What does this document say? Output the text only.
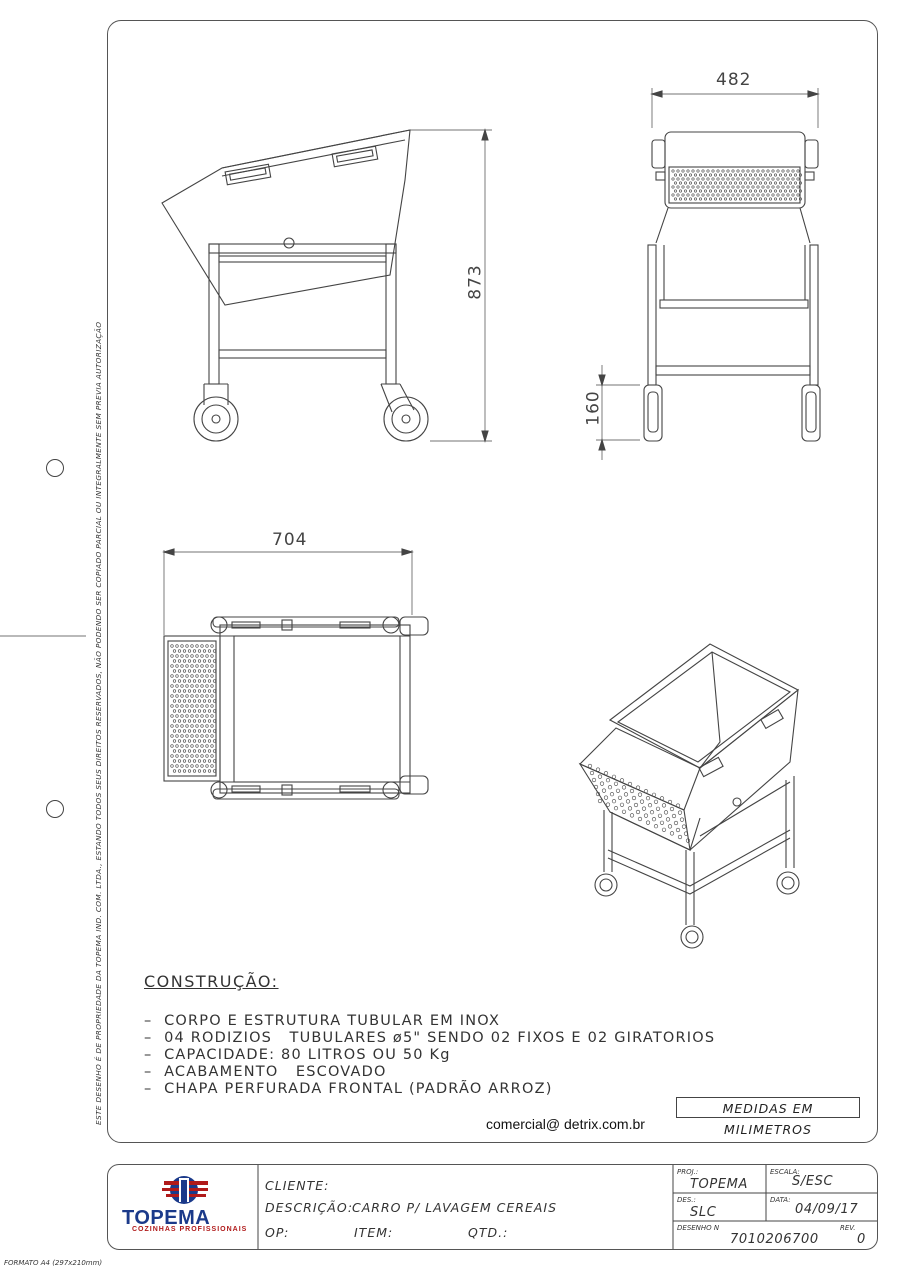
ESTE DESENHO É DE PROPRIEDADE DA TOPEMA IND. COM. LTDA., ESTANDO TODOS SEUS DIREITOS RESERVADOS, NÃO PODENDO SER COPIADO PARCIAL OU INTEGRALMENTE SEM PREVIA AUTORIZAÇÃO
482
873
160
704
CONSTRUÇÃO:
–  CORPO E ESTRUTURA TUBULAR EM INOX
–  04 RODIZIOS   TUBULARES ø5" SENDO 02 FIXOS E 02 GIRATORIOS
–  CAPACIDADE: 80 LITROS OU 50 Kg
–  ACABAMENTO   ESCOVADO
–  CHAPA PERFURADA FRONTAL (PADRÃO ARROZ)
MEDIDAS EM MILIMETROS
comercial@ detrix.com.br
TOPEMA
COZINHAS PROFISSIONAIS
CLIENTE:
DESCRIÇÃO:
CARRO P/ LAVAGEM CEREAIS
OP:	ITEM:	QTD.:
PROJ.:
TOPEMA
ESCALA:
S/ESC
DES.:
SLC
DATA:
04/09/17
DESENHO N
7010206700
REV.
0
FORMATO A4 (297x210mm)
